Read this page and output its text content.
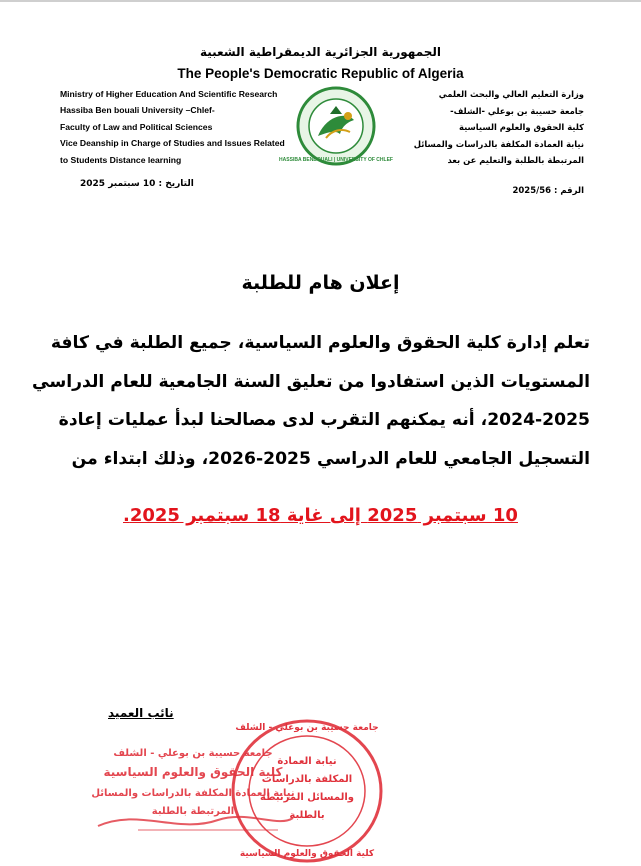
الجمهورية الجزائرية الديمقراطية الشعبية
The People's Democratic Republic of Algeria
Ministry of Higher Education And Scientific Research
Hassiba Ben bouali University –Chlef-
Faculty of Law and Political Sciences
Vice Deanship in Charge of Studies and Issues Related
to Students Distance learning
وزارة التعليم العالي والبحث العلمي
جامعة حسيبة بن بوعلي -الشلف-
كلية الحقوق والعلوم السياسية
نيابة العمادة المكلفة بالدراسات والمسائل
المرتبطة بالطلبة والتعليم عن بعد
التاريخ : 10 سبتمبر 2025
الرقم : 2025/56
HASSIBA BENBOUALI | UNIVERSITY OF CHLEF
إعلان هام للطلبة
تعلم إدارة كلية الحقوق والعلوم السياسية، جميع الطلبة في كافة
المستويات الذين استفادوا من تعليق السنة الجامعية للعام الدراسي
2024-2025، أنه يمكنهم التقرب لدى مصالحنا لبدأ عمليات إعادة
التسجيل الجامعي للعام الدراسي 2025-2026، وذلك ابتداء من
10 سبتمبر 2025 إلى غاية 18 سبتمبر 2025.
نائب العميد
جامعة حسيبة بن بوعلي - الشلف
كلية الحقوق والعلوم السياسية
نيابة العمادة المكلفة بالدراسات والمسائل
المرتبطة بالطلبة
جامعة حسيبة بن بوعلي - الشلف
نيابة العمادة
المكلفة بالدراسات
والمسائل المرتبطة
بالطلبة
كلية الحقوق والعلوم السياسية
